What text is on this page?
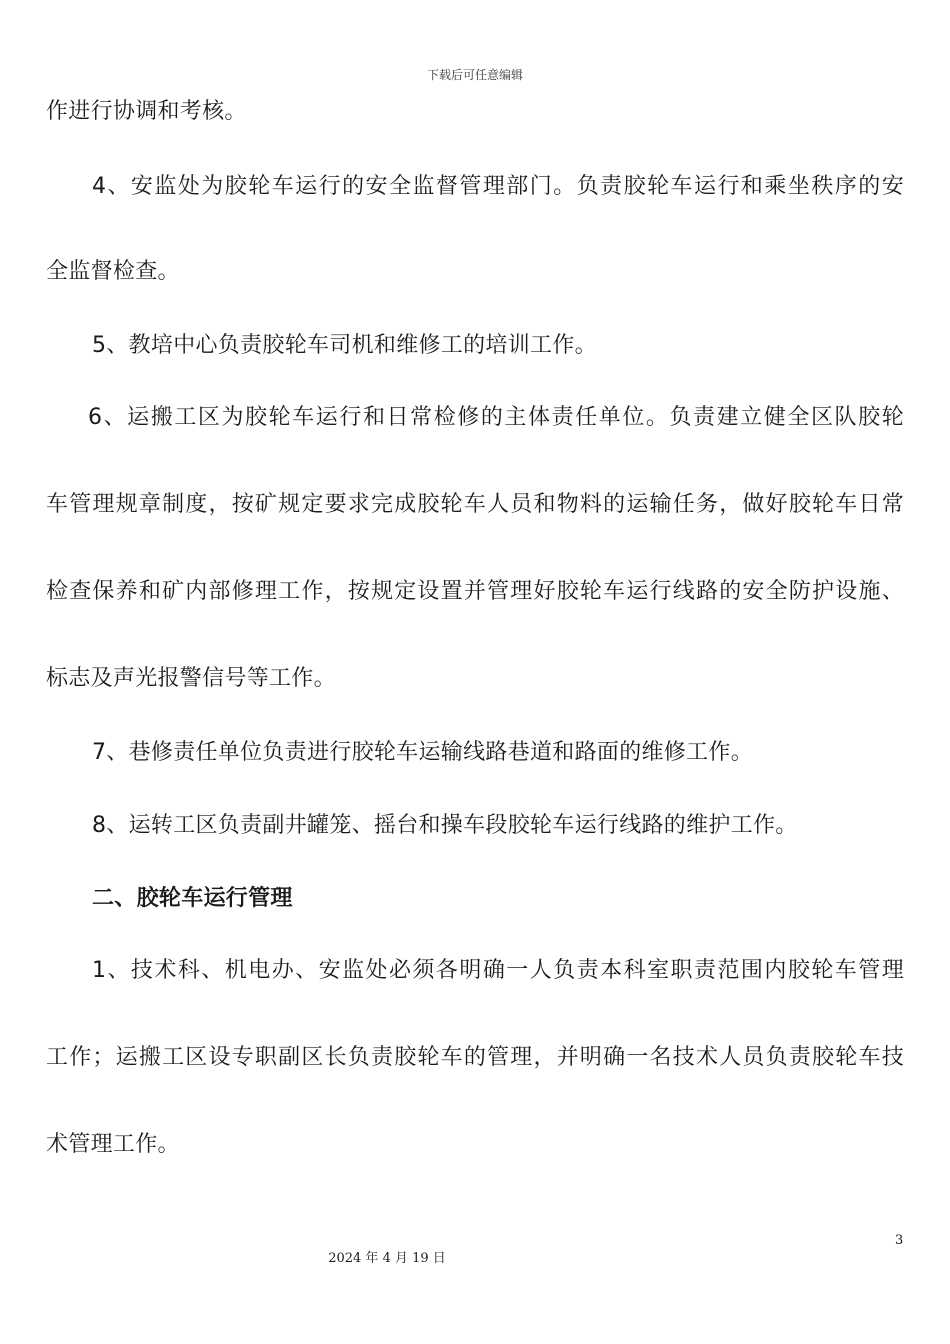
下载后可任意编辑
作进行协调和考核。
4、安监处为胶轮车运行的安全监督管理部门。负责胶轮车运行和乘坐秩序的安
全监督检查。
5、教培中心负责胶轮车司机和维修工的培训工作。
6、运搬工区为胶轮车运行和日常检修的主体责任单位。负责建立健全区队胶轮
车管理规章制度，按矿规定要求完成胶轮车人员和物料的运输任务，做好胶轮车日常
检查保养和矿内部修理工作，按规定设置并管理好胶轮车运行线路的安全防护设施、
标志及声光报警信号等工作。
7、巷修责任单位负责进行胶轮车运输线路巷道和路面的维修工作。
8、运转工区负责副井罐笼、摇台和操车段胶轮车运行线路的维护工作。
二、胶轮车运行管理
1、技术科、机电办、安监处必须各明确一人负责本科室职责范围内胶轮车管理
工作；运搬工区设专职副区长负责胶轮车的管理，并明确一名技术人员负责胶轮车技
术管理工作。
3
2024 年 4 月 19 日
